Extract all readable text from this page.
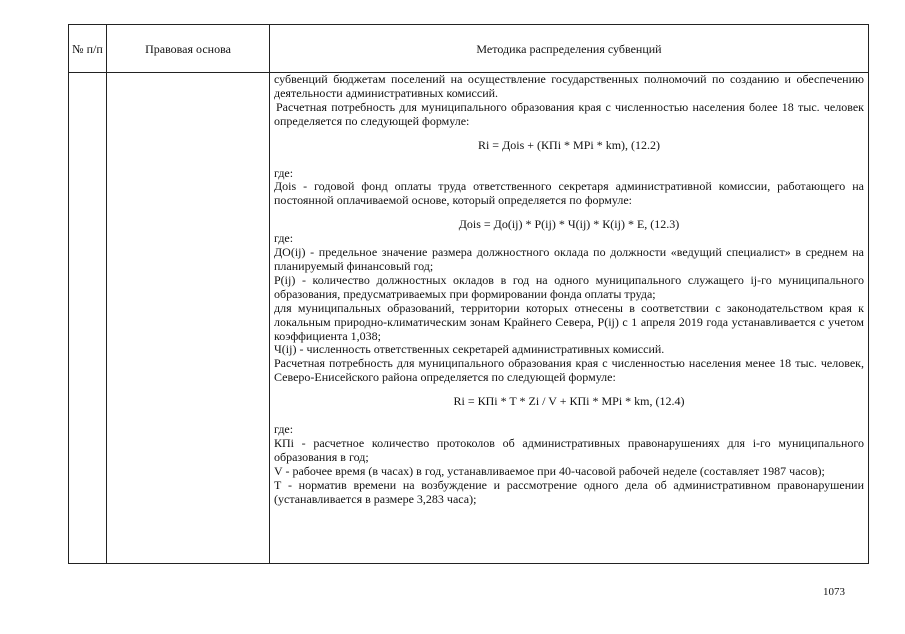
№ п/п	Правовая основа	Методика распределения субвенций

субвенций бюджетам поселений на осуществление государственных полномочий по созданию и обеспечению деятельности административных комиссий.

Расчетная потребность для муниципального образования края с численностью населения более 18 тыс. человек определяется по следующей формуле:

Ri = Доis + (КПi * MPi * km), (12.2)

где:

Доis - годовой фонд оплаты труда ответственного секретаря административной комиссии, работающего на постоянной оплачиваемой основе, который определяется по формуле:

Доis = До(ij) * Р(ij) * Ч(ij) * К(ij) * Е, (12.3)

где:

ДО(ij) - предельное значение размера должностного оклада по должности «ведущий специалист» в среднем на планируемый финансовый год;

Р(ij) - количество должностных окладов в год на одного муниципального служащего ij-го муниципального образования, предусматриваемых при формировании фонда оплаты труда;

для муниципальных образований, территории которых отнесены в соответствии с законодательством края к локальным природно-климатическим зонам Крайнего Севера, Р(ij) с 1 апреля 2019 года устанавливается с учетом коэффициента 1,038;

Ч(ij) - численность ответственных секретарей административных комиссий.

Расчетная потребность для муниципального образования края с численностью населения менее 18 тыс. человек, Северо-Енисейского района определяется по следующей формуле:

Ri = КПi * T * Zi / V + КПi * MPi * km, (12.4)

где:

КПi - расчетное количество протоколов об административных правонарушениях для i-го муниципального образования в год;

V - рабочее время (в часах) в год, устанавливаемое при 40-часовой рабочей неделе (составляет 1987 часов);

Т - норматив времени на возбуждение и рассмотрение одного дела об административном правонарушении (устанавливается в размере 3,283 часа);

1073
